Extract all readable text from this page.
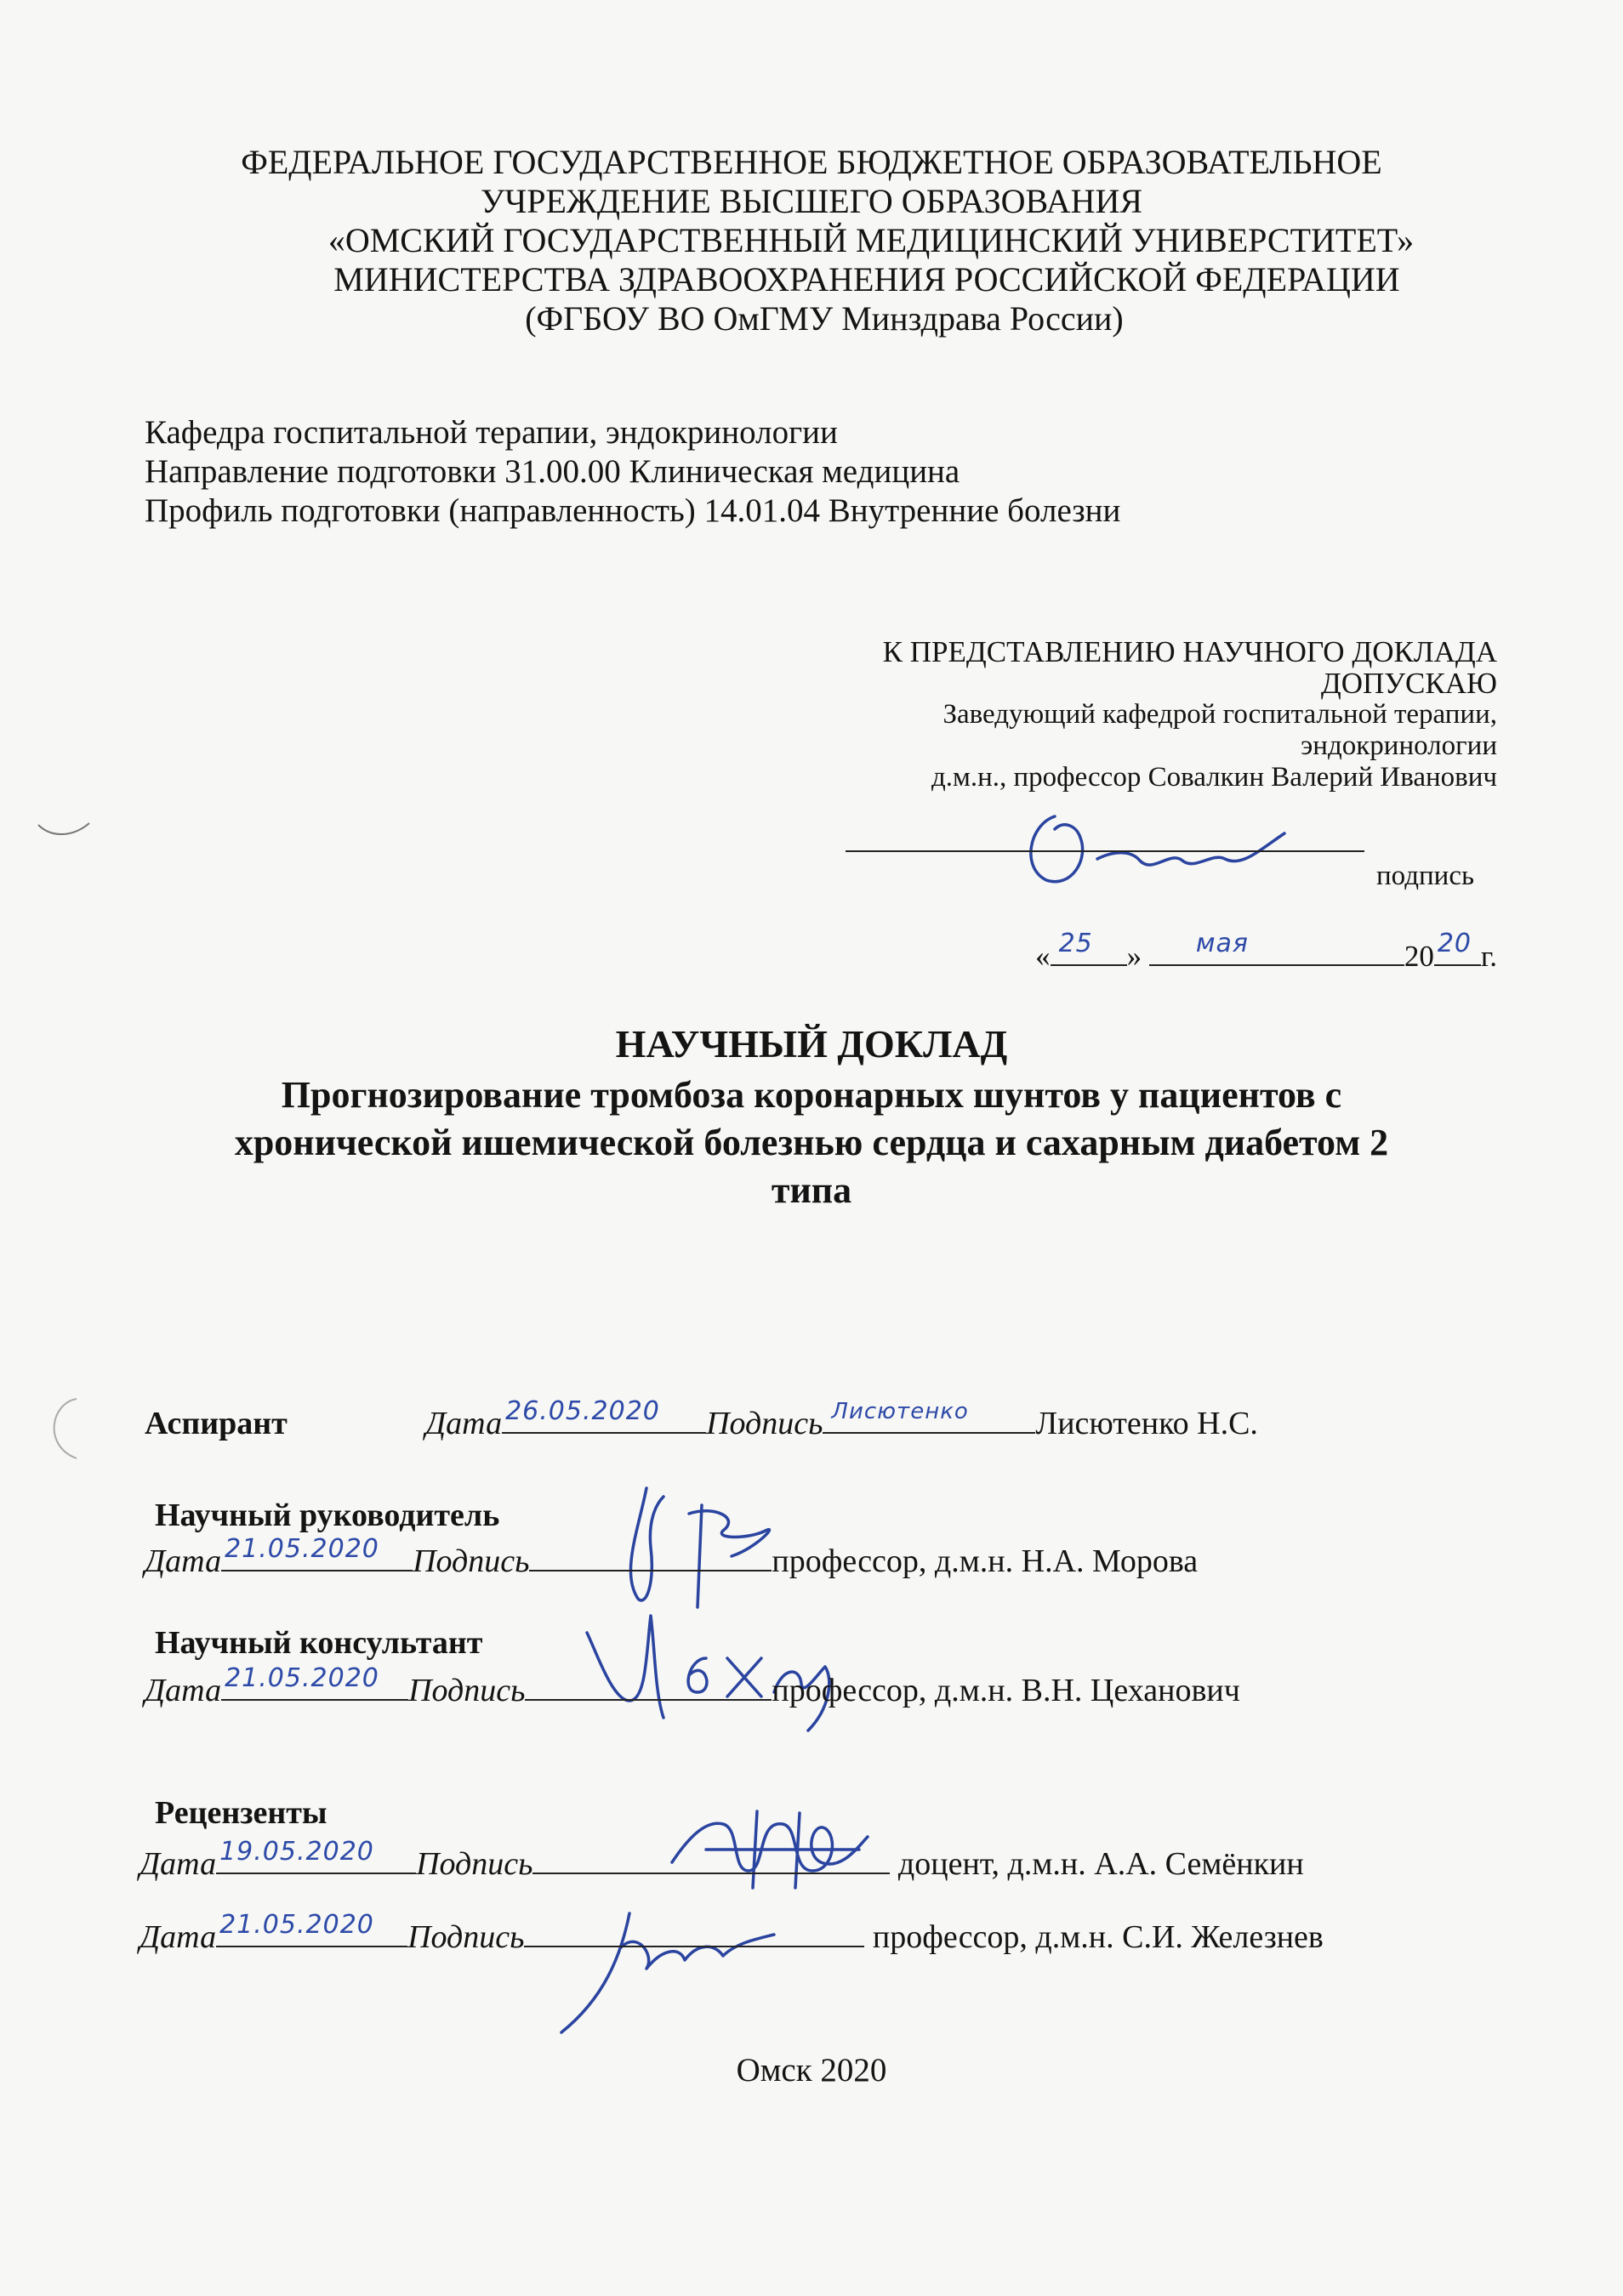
ФЕДЕРАЛЬНОЕ ГОСУДАРСТВЕННОЕ БЮДЖЕТНОЕ ОБРАЗОВАТЕЛЬНОЕ
УЧРЕЖДЕНИЕ ВЫСШЕГО ОБРАЗОВАНИЯ
«ОМСКИЙ ГОСУДАРСТВЕННЫЙ МЕДИЦИНСКИЙ УНИВЕРСТИТЕТ»
МИНИСТЕРСТВА ЗДРАВООХРАНЕНИЯ РОССИЙСКОЙ ФЕДЕРАЦИИ
(ФГБОУ ВО ОмГМУ Минздрава России)
Кафедра госпитальной терапии, эндокринологии
Направление подготовки 31.00.00 Клиническая медицина
Профиль подготовки (направленность) 14.01.04 Внутренние болезни
К ПРЕДСТАВЛЕНИЮ НАУЧНОГО ДОКЛАДА
ДОПУСКАЮ
Заведующий кафедрой госпитальной терапии,
эндокринологии
д.м.н., профессор Совалкин Валерий Иванович
подпись
« 25 » мая	20 20 г.
НАУЧНЫЙ ДОКЛАД
Прогнозирование тромбоза коронарных шунтов у пациентов с
хронической ишемической болезнью сердца и сахарным диабетом 2
типа
Аспирант	Дата 26.05.2020 Подпись Лисютенко Лисютенко Н.С.
Научный руководитель
Дата 21.05.2020 Подпись	профессор, д.м.н. Н.А. Морова
Научный консультант
Дата 21.05.2020 Подпись	профессор, д.м.н. В.Н. Цеханович
Рецензенты
Дата 19.05.2020 Подпись	доцент, д.м.н. А.А. Семёнкин
Дата 21.05.2020 Подпись	профессор, д.м.н. С.И. Железнев
Омск 2020
